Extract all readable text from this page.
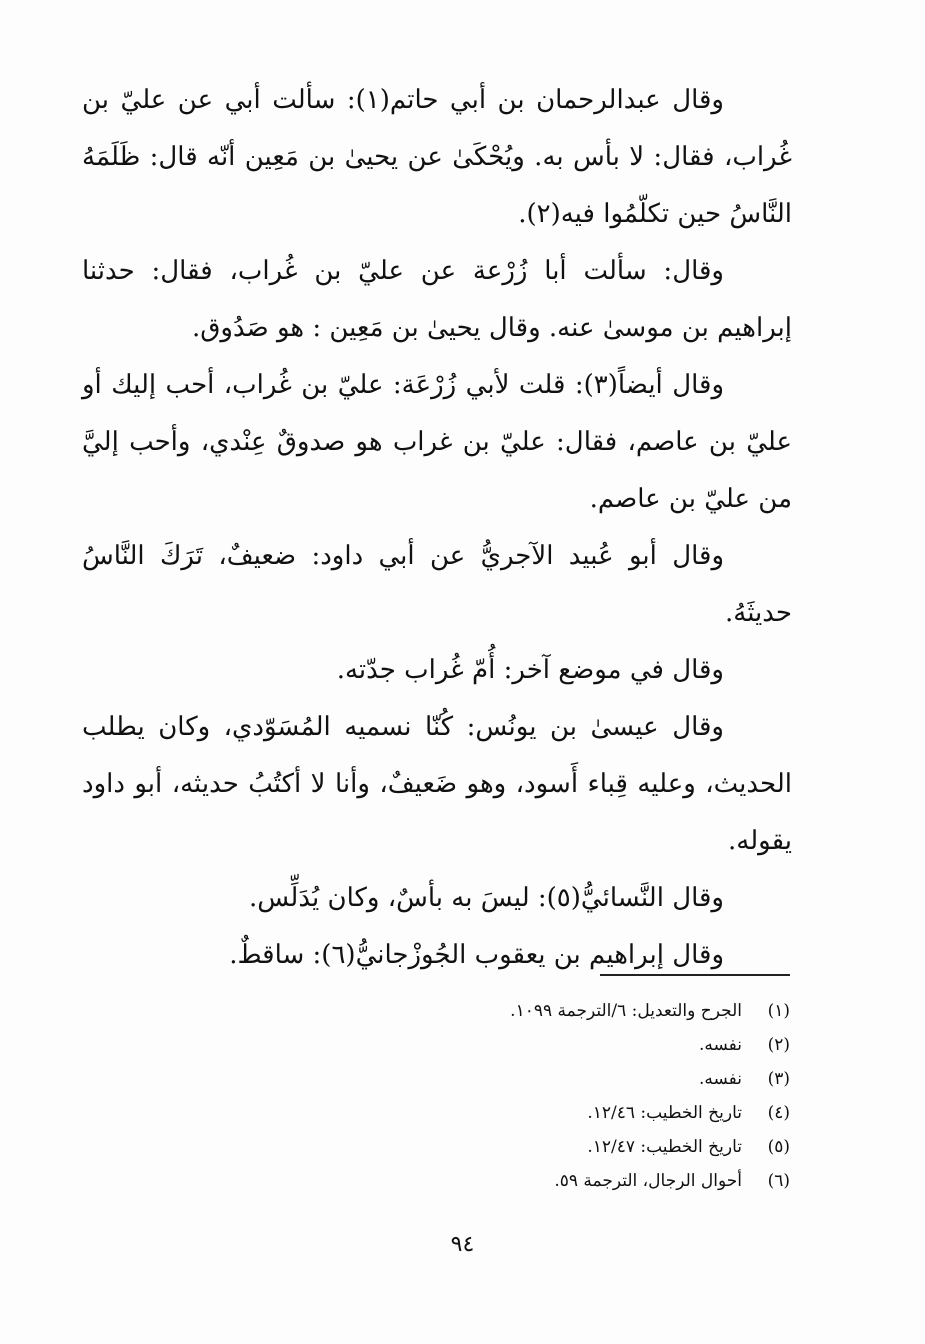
وقال عبدالرحمان بن أبي حاتم(١): سألت أبي عن عليّ بن غُراب، فقال: لا بأس به. ويُحْكَىٰ عن يحيىٰ بن مَعِين أنّه قال: ظَلَمَهُ النَّاسُ حين تكلّمُوا فيه(٢).

وقال: سألت أبا زُرْعة عن عليّ بن غُراب، فقال: حدثنا إبراهيم بن موسىٰ عنه. وقال يحيىٰ بن مَعِين : هو صَدُوق.

وقال أيضاً(٣): قلت لأبي زُرْعَة: عليّ بن غُراب، أحب إليك أو عليّ بن عاصم، فقال: عليّ بن غراب هو صدوقٌ عِنْدي، وأحب إليَّ من عليّ بن عاصم.

وقال أبو عُبيد الآجريُّ عن أبي داود: ضعيفٌ، تَرَكَ النَّاسُ حديثَهُ.

وقال في موضع آخر: أُمّ غُراب جدّته.

وقال عيسىٰ بن يونُس: كُنّا نسميه المُسَوّدي، وكان يطلب الحديث، وعليه قِباء أَسود، وهو ضَعيفٌ، وأنا لا أكتُبُ حديثه، أبو داود يقوله.

وقال النَّسائيُّ(٥): ليسَ به بأسٌ، وكان يُدَلِّس.

وقال إبراهيم بن يعقوب الجُوزْجانيُّ(٦): ساقطٌ.

(١)
الجرح والتعديل: ٦/الترجمة ١٠٩٩.
(٢)
نفسه.
(٣)
نفسه.
(٤)
تاريخ الخطيب: ١٢/٤٦.
(٥)
تاريخ الخطيب: ١٢/٤٧.
(٦)
أحوال الرجال، الترجمة ٥٩.
٩٤
